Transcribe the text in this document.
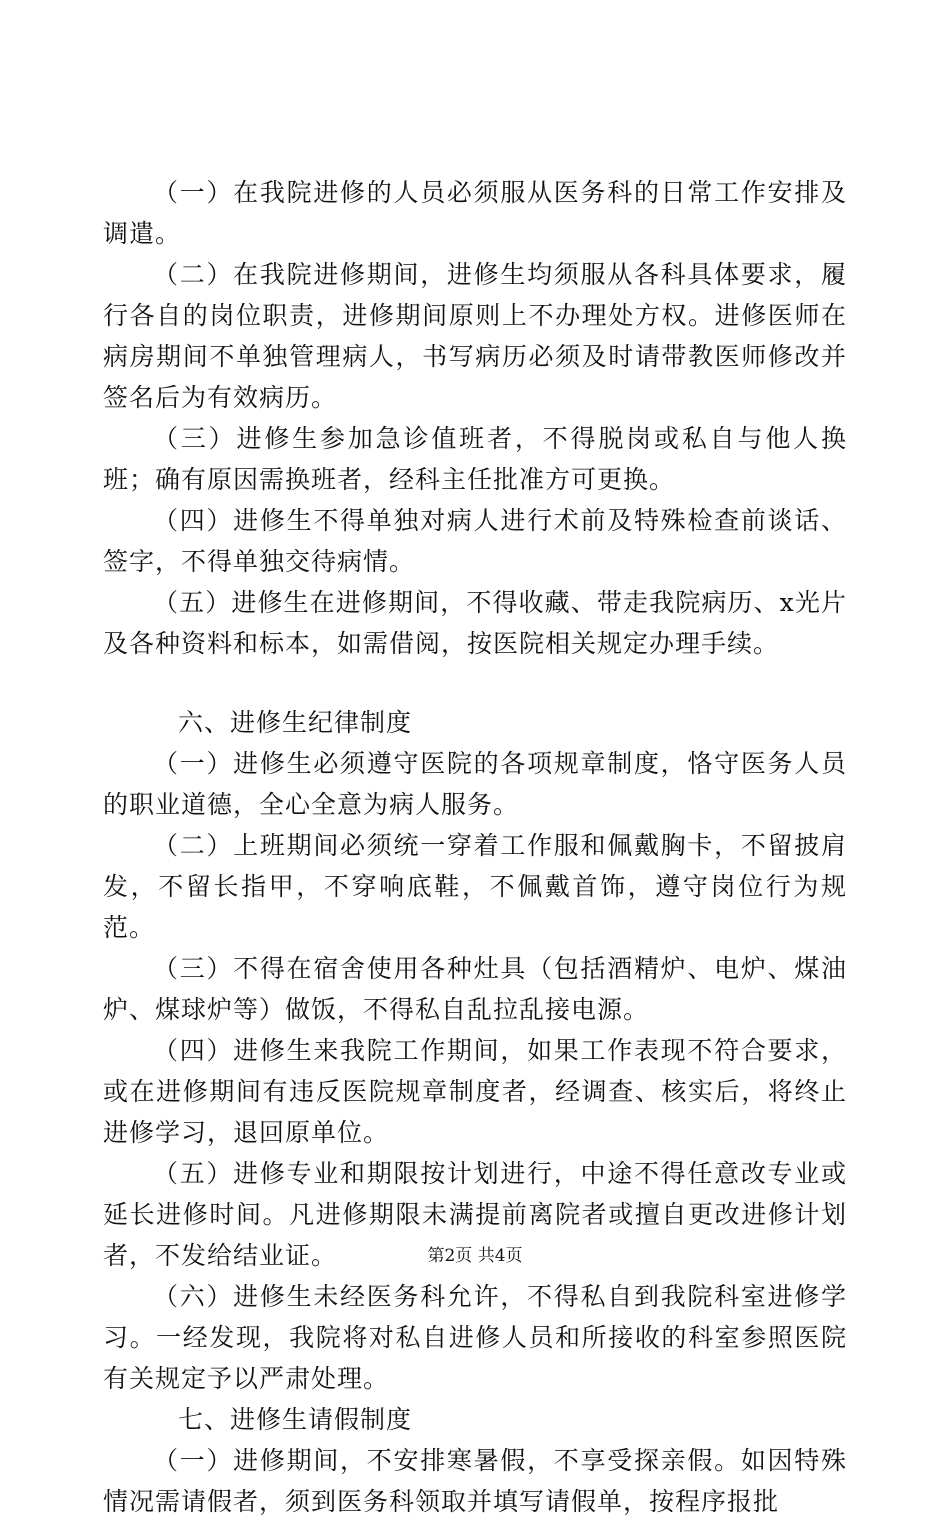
（一）在我院进修的人员必须服从医务科的日常工作安排及调遣。

（二）在我院进修期间，进修生均须服从各科具体要求，履行各自的岗位职责，进修期间原则上不办理处方权。进修医师在病房期间不单独管理病人，书写病历必须及时请带教医师修改并签名后为有效病历。

（三）进修生参加急诊值班者，不得脱岗或私自与他人换班；确有原因需换班者，经科主任批准方可更换。

（四）进修生不得单独对病人进行术前及特殊检查前谈话、签字，不得单独交待病情。

（五）进修生在进修期间，不得收藏、带走我院病历、x光片及各种资料和标本，如需借阅，按医院相关规定办理手续。

六、进修生纪律制度

（一）进修生必须遵守医院的各项规章制度，恪守医务人员的职业道德，全心全意为病人服务。

（二）上班期间必须统一穿着工作服和佩戴胸卡，不留披肩发，不留长指甲，不穿响底鞋，不佩戴首饰，遵守岗位行为规范。

（三）不得在宿舍使用各种灶具（包括酒精炉、电炉、煤油炉、煤球炉等）做饭，不得私自乱拉乱接电源。

（四）进修生来我院工作期间，如果工作表现不符合要求，或在进修期间有违反医院规章制度者，经调查、核实后，将终止进修学习，退回原单位。

（五）进修专业和期限按计划进行，中途不得任意改专业或延长进修时间。凡进修期限未满提前离院者或擅自更改进修计划者，不发给结业证。

（六）进修生未经医务科允许，不得私自到我院科室进修学习。一经发现，我院将对私自进修人员和所接收的科室参照医院有关规定予以严肃处理。

七、进修生请假制度

（一）进修期间，不安排寒暑假，不享受探亲假。如因特殊情况需请假者，须到医务科领取并填写请假单，按程序报批

第2页 共4页
